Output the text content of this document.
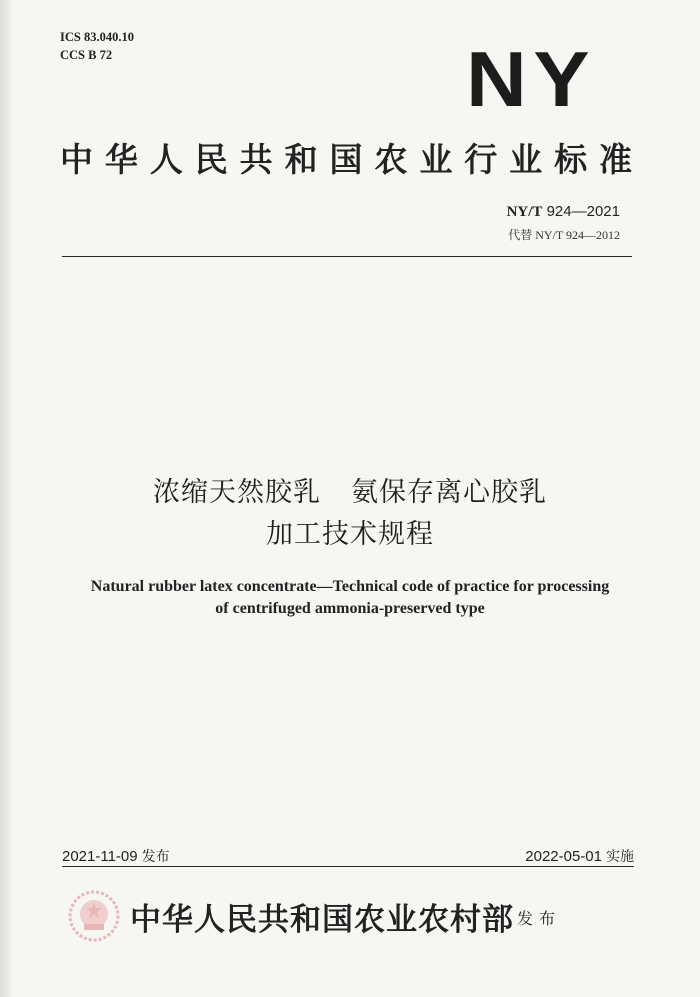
ICS 83.040.10
CCS B 72	NY
中华人民共和国农业行业标准
NY/T 924—2021
代替 NY/T 924—2012
浓缩天然胶乳 氨保存离心胶乳
加工技术规程
Natural rubber latex concentrate—Technical code of practice for processing
of centrifuged ammonia-preserved type
2021-11-09 发布	2022-05-01 实施
中华人民共和国农业农村部 发布
